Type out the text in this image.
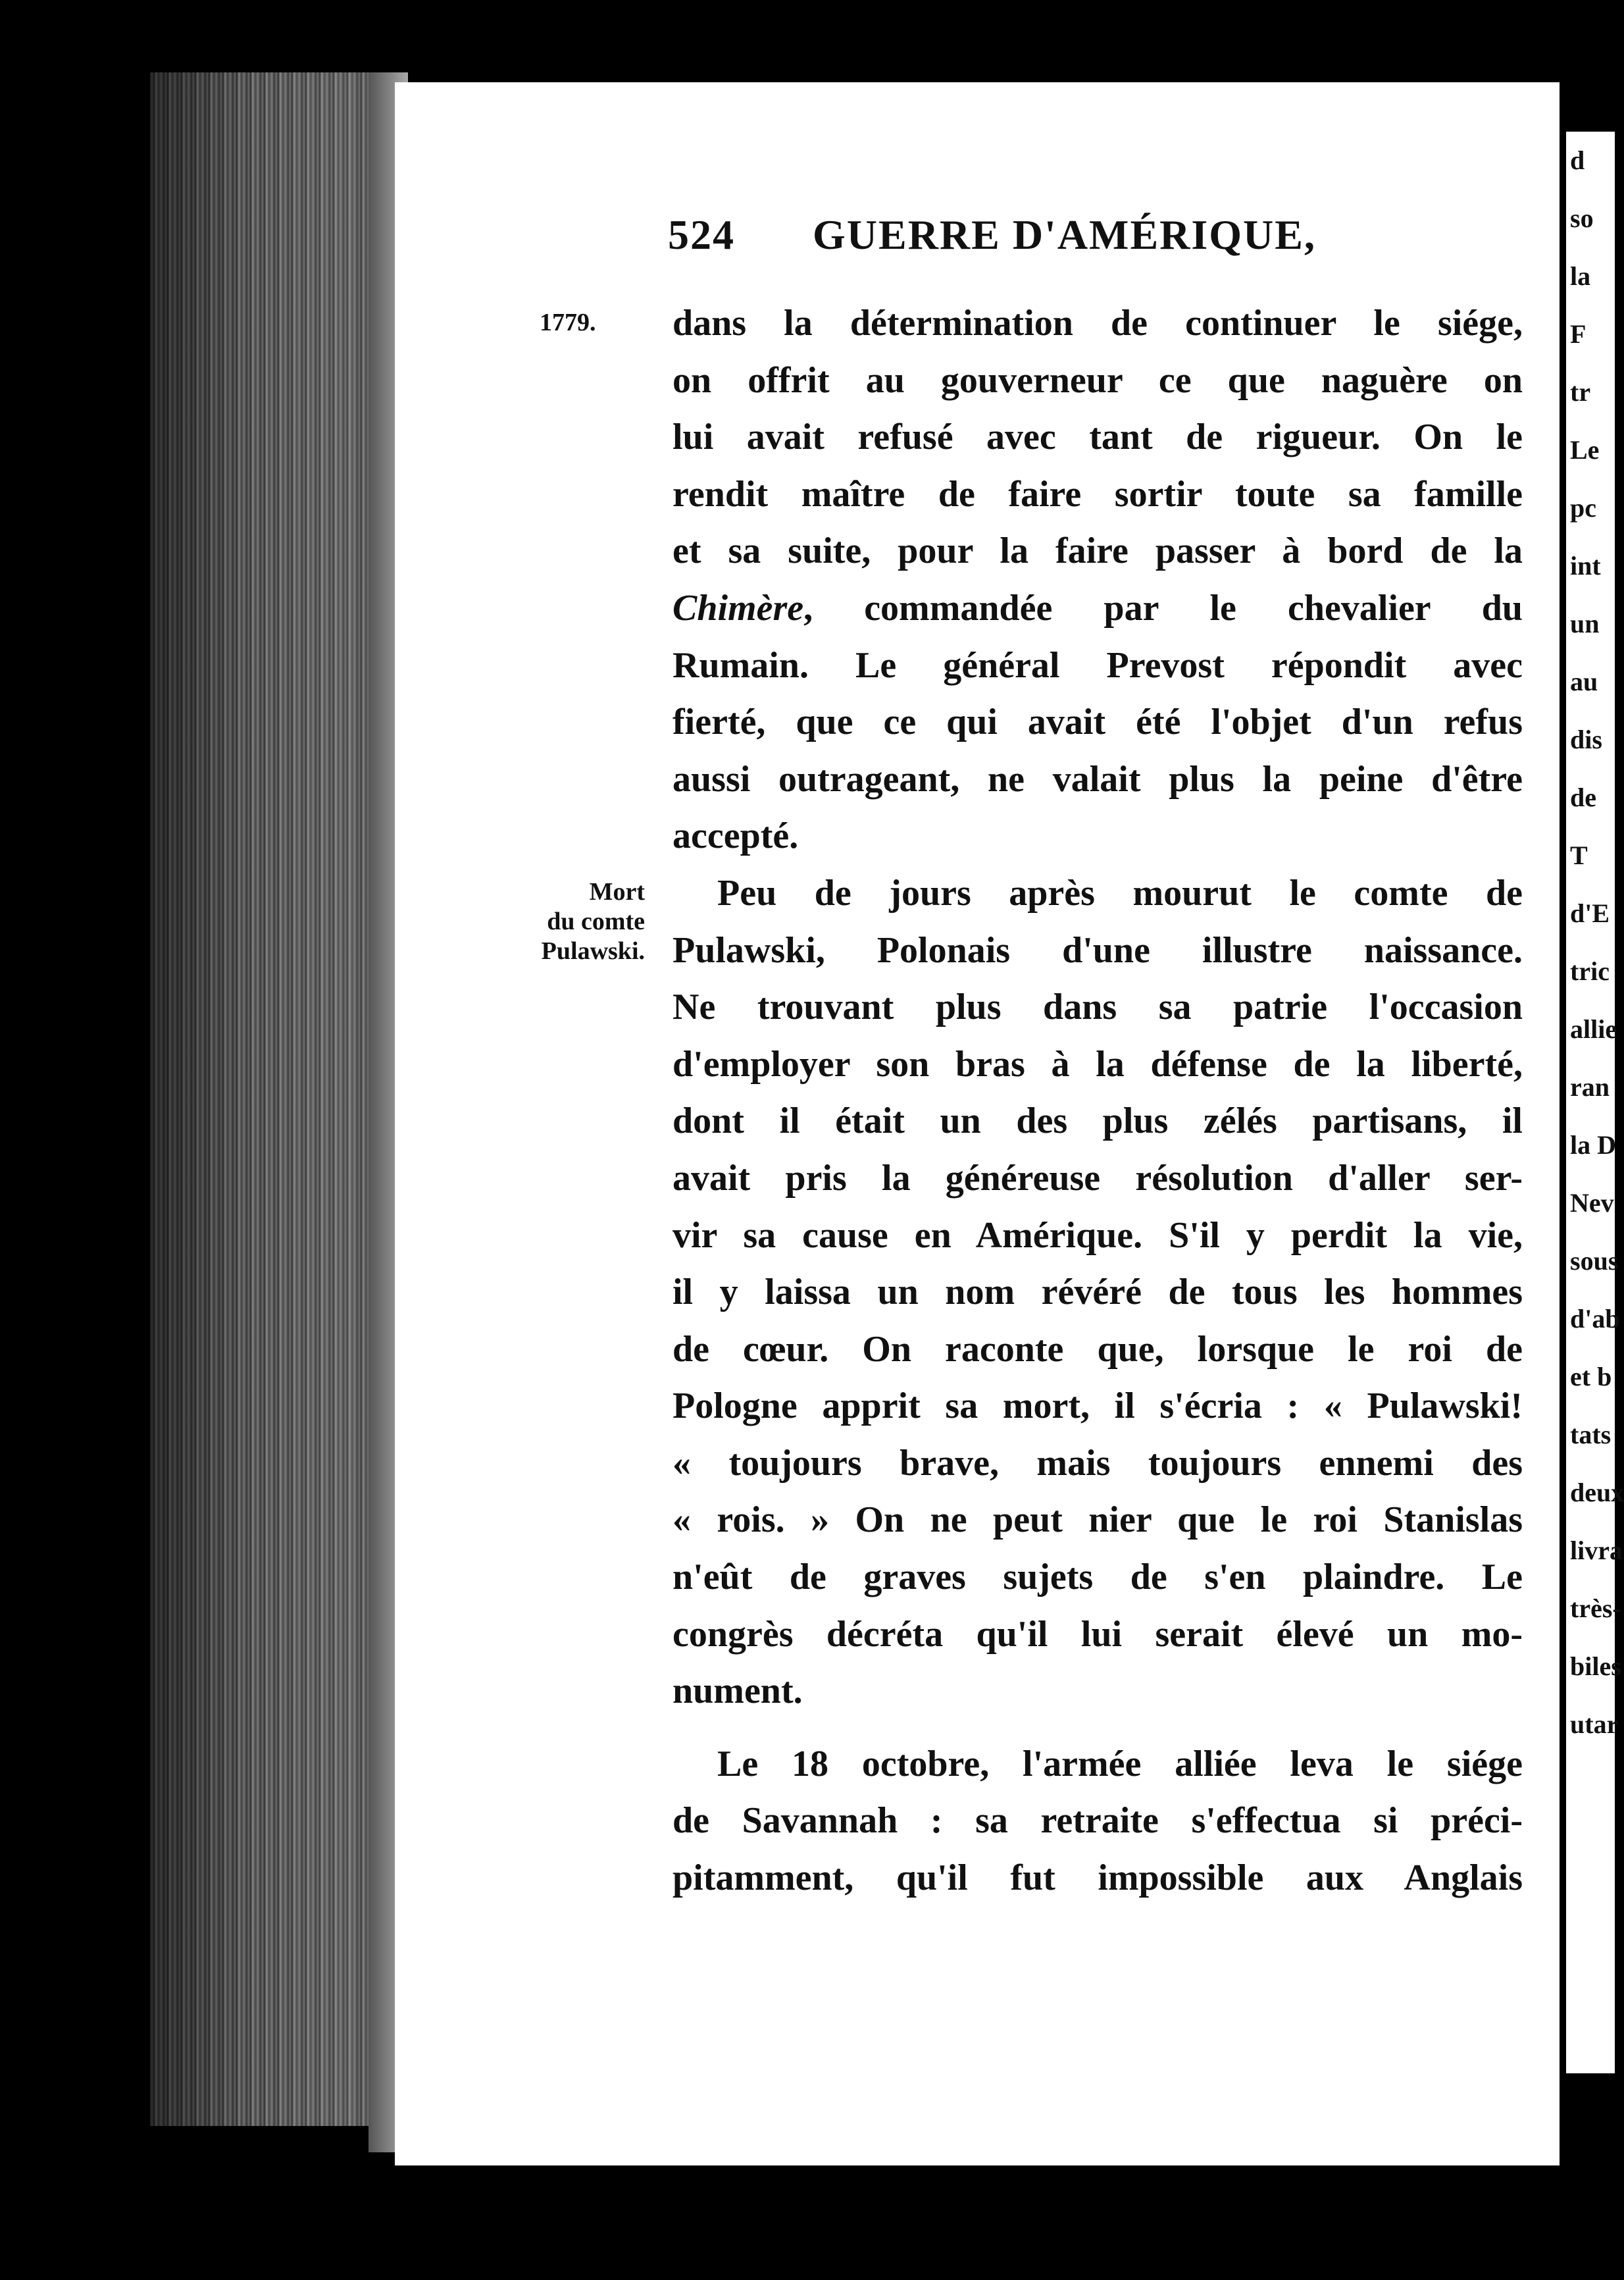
524 GUERRE D'AMÉRIQUE,
1779.
Mort
du comte
Pulawski.
dans la détermination de continuer le siége,
on offrit au gouverneur ce que naguère on
lui avait refusé avec tant de rigueur. On le
rendit maître de faire sortir toute sa famille
et sa suite, pour la faire passer à bord de la
Chimère, commandée par le chevalier du
Rumain. Le général Prevost répondit avec
fierté, que ce qui avait été l'objet d'un refus
aussi outrageant, ne valait plus la peine d'être
accepté.
Peu de jours après mourut le comte de
Pulawski, Polonais d'une illustre naissance.
Ne trouvant plus dans sa patrie l'occasion
d'employer son bras à la défense de la liberté,
dont il était un des plus zélés partisans, il
avait pris la généreuse résolution d'aller ser-
vir sa cause en Amérique. S'il y perdit la vie,
il y laissa un nom révéré de tous les hommes
de cœur. On raconte que, lorsque le roi de
Pologne apprit sa mort, il s'écria : « Pulawski!
« toujours brave, mais toujours ennemi des
« rois. » On ne peut nier que le roi Stanislas
n'eût de graves sujets de s'en plaindre. Le
congrès décréta qu'il lui serait élevé un mo-
nument.
Le 18 octobre, l'armée alliée leva le siége
de Savannah : sa retraite s'effectua si préci-
pitamment, qu'il fut impossible aux Anglais
d
so
la
F
tr
Le
pc
int
un
au
dis
de
T
d'E
tric
allie
ran
la D
Nev
sous
d'ab
et b
tats
deux
livra
très-
biles
utar
